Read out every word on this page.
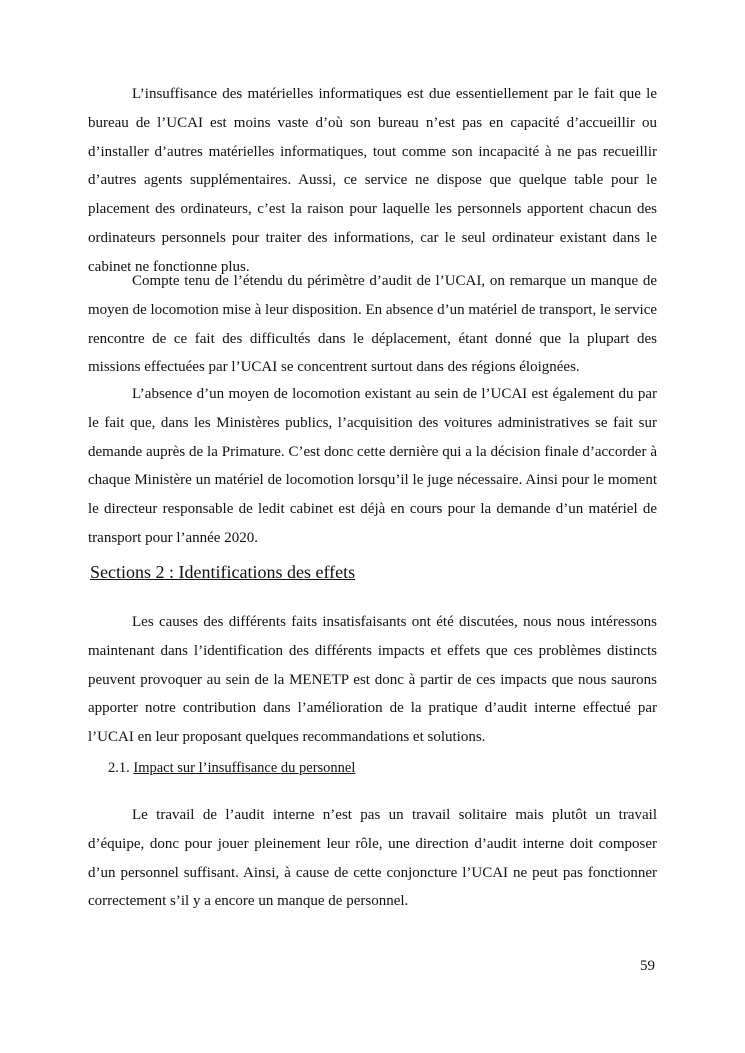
L’insuffisance des matérielles informatiques est due essentiellement par le fait que le bureau de l’UCAI est moins vaste d’où son bureau n’est pas en capacité d’accueillir ou d’installer d’autres matérielles informatiques, tout comme son incapacité à ne pas recueillir d’autres agents supplémentaires. Aussi, ce service ne dispose que quelque table pour le placement des ordinateurs, c’est la raison pour laquelle les personnels apportent chacun des ordinateurs personnels pour traiter des informations, car le seul ordinateur existant dans le cabinet ne fonctionne plus.

Compte tenu de l’étendu du périmètre d’audit de l’UCAI, on remarque un manque de moyen de locomotion mise à leur disposition. En absence d’un matériel de transport, le service rencontre de ce fait des difficultés dans le déplacement, étant donné que la plupart des missions effectuées par l’UCAI se concentrent surtout dans des régions éloignées.

L’absence d’un moyen de locomotion existant au sein de l’UCAI est également du par le fait que, dans les Ministères publics, l’acquisition des voitures administratives se fait sur demande auprès de la Primature. C’est donc cette dernière qui a la décision finale d’accorder à chaque Ministère un matériel de locomotion lorsqu’il le juge nécessaire. Ainsi pour le moment le directeur responsable de ledit cabinet est déjà en cours pour la demande d’un matériel de transport pour l’année 2020.

Sections 2 : Identifications des effets

Les causes des différents faits insatisfaisants ont été discutées, nous nous intéressons maintenant dans l’identification des différents impacts et effets que ces problèmes distincts peuvent provoquer au sein de la MENETP est donc à partir de ces impacts que nous saurons apporter notre contribution dans l’amélioration de la pratique d’audit interne effectué par l’UCAI en leur proposant quelques recommandations et solutions.

2.1. Impact sur l’insuffisance du personnel

Le travail de l’audit interne n’est pas un travail solitaire mais plutôt un travail d’équipe, donc pour jouer pleinement leur rôle, une direction d’audit interne doit composer d’un personnel suffisant. Ainsi, à cause de cette conjoncture l’UCAI ne peut pas fonctionner correctement s’il y a encore un manque de personnel.

59
